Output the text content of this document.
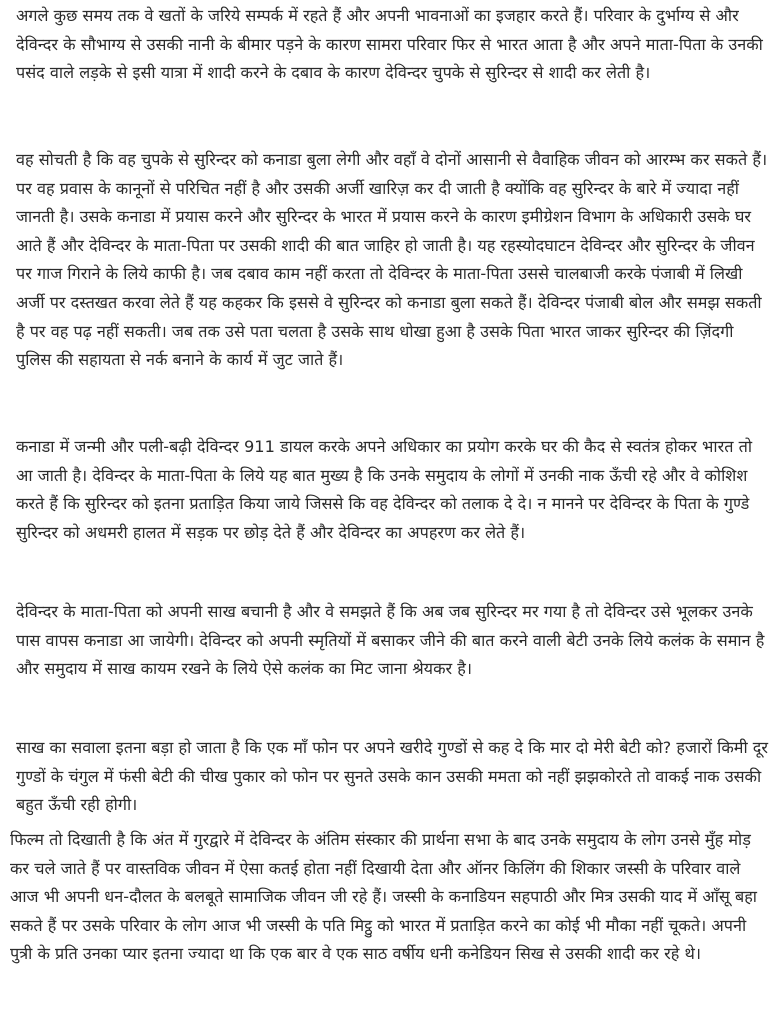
अगले कुछ समय तक वे खतों के जरिये सम्पर्क में रहते हैं और अपनी भावनाओं का इजहार करते हैं। परिवार के दुर्भाग्य से और देविन्दर के सौभाग्य से उसकी नानी के बीमार पड़ने के कारण सामरा परिवार फिर से भारत आता है और अपने माता-पिता के उनकी पसंद वाले लड़के से इसी यात्रा में शादी करने के दबाव के कारण देविन्दर चुपके से सुरिन्दर से शादी कर लेती है।

वह सोचती है कि वह चुपके से सुरिन्दर को कनाडा बुला लेगी और वहाँ वे दोनों आसानी से वैवाहिक जीवन को आरम्भ कर सकते हैं। पर वह प्रवास के कानूनों से परिचित नहीं है और उसकी अर्जी खारिज़ कर दी जाती है क्योंकि वह सुरिन्दर के बारे में ज्यादा नहीं जानती है। उसके कनाडा में प्रयास करने और सुरिन्दर के भारत में प्रयास करने के कारण इमीग्रेशन विभाग के अधिकारी उसके घर आते हैं और देविन्दर के माता-पिता पर उसकी शादी की बात जाहिर हो जाती है। यह रहस्योदघाटन देविन्दर और सुरिन्दर के जीवन पर गाज गिराने के लिये काफी है। जब दबाव काम नहीं करता तो देविन्दर के माता-पिता उससे चालबाजी करके पंजाबी में लिखी अर्जी पर दस्तखत करवा लेते हैं यह कहकर कि इससे वे सुरिन्दर को कनाडा बुला सकते हैं। देविन्दर पंजाबी बोल और समझ सकती है पर वह पढ़ नहीं सकती। जब तक उसे पता चलता है उसके साथ धोखा हुआ है उसके पिता भारत जाकर सुरिन्दर की ज़िंदगी पुलिस की सहायता से नर्क बनाने के कार्य में जुट जाते हैं।

कनाडा में जन्मी और पली-बढ़ी देविन्दर 911 डायल करके अपने अधिकार का प्रयोग करके घर की कैद से स्वतंत्र होकर भारत तो आ जाती है। देविन्दर के माता-पिता के लिये यह बात मुख्य है कि उनके समुदाय के लोगों में उनकी नाक ऊँची रहे और वे कोशिश करते हैं कि सुरिन्दर को इतना प्रताड़ित किया जाये जिससे कि वह देविन्दर को तलाक दे दे। न मानने पर देविन्दर के पिता के गुण्डे सुरिन्दर को अधमरी हालत में सड़क पर छोड़ देते हैं और देविन्दर का अपहरण कर लेते हैं।

देविन्दर के माता-पिता को अपनी साख बचानी है और वे समझते हैं कि अब जब सुरिन्दर मर गया है तो देविन्दर उसे भूलकर उनके पास वापस कनाडा आ जायेगी। देविन्दर को अपनी स्मृतियों में बसाकर जीने की बात करने वाली बेटी उनके लिये कलंक के समान है और समुदाय में साख कायम रखने के लिये ऐसे कलंक का मिट जाना श्रेयकर है।

साख का सवाला इतना बड़ा हो जाता है कि एक माँ फोन पर अपने खरीदे गुण्डों से कह दे कि मार दो मेरी बेटी को? हजारों किमी दूर गुण्डों के चंगुल में फंसी बेटी की चीख पुकार को फोन पर सुनते उसके कान उसकी ममता को नहीं झझकोरते तो वाकई नाक उसकी बहुत ऊँची रही होगी।

फिल्म तो दिखाती है कि अंत में गुरद्वारे में देविन्दर के अंतिम संस्कार की प्रार्थना सभा के बाद उनके समुदाय के लोग उनसे मुँह मोड़ कर चले जाते हैं पर वास्तविक जीवन में ऐसा कतई होता नहीं दिखायी देता और ऑनर किलिंग की शिकार जस्सी के परिवार वाले आज भी अपनी धन-दौलत के बलबूते सामाजिक जीवन जी रहे हैं। जस्सी के कनाडियन सहपाठी और मित्र उसकी याद में आँसू बहा सकते हैं पर उसके परिवार के लोग आज भी जस्सी के पति मिट्ठु को भारत में प्रताड़ित करने का कोई भी मौका नहीं चूकते। अपनी पुत्री के प्रति उनका प्यार इतना ज्यादा था कि एक बार वे एक साठ वर्षीय धनी कनेडियन सिख से उसकी शादी कर रहे थे।
